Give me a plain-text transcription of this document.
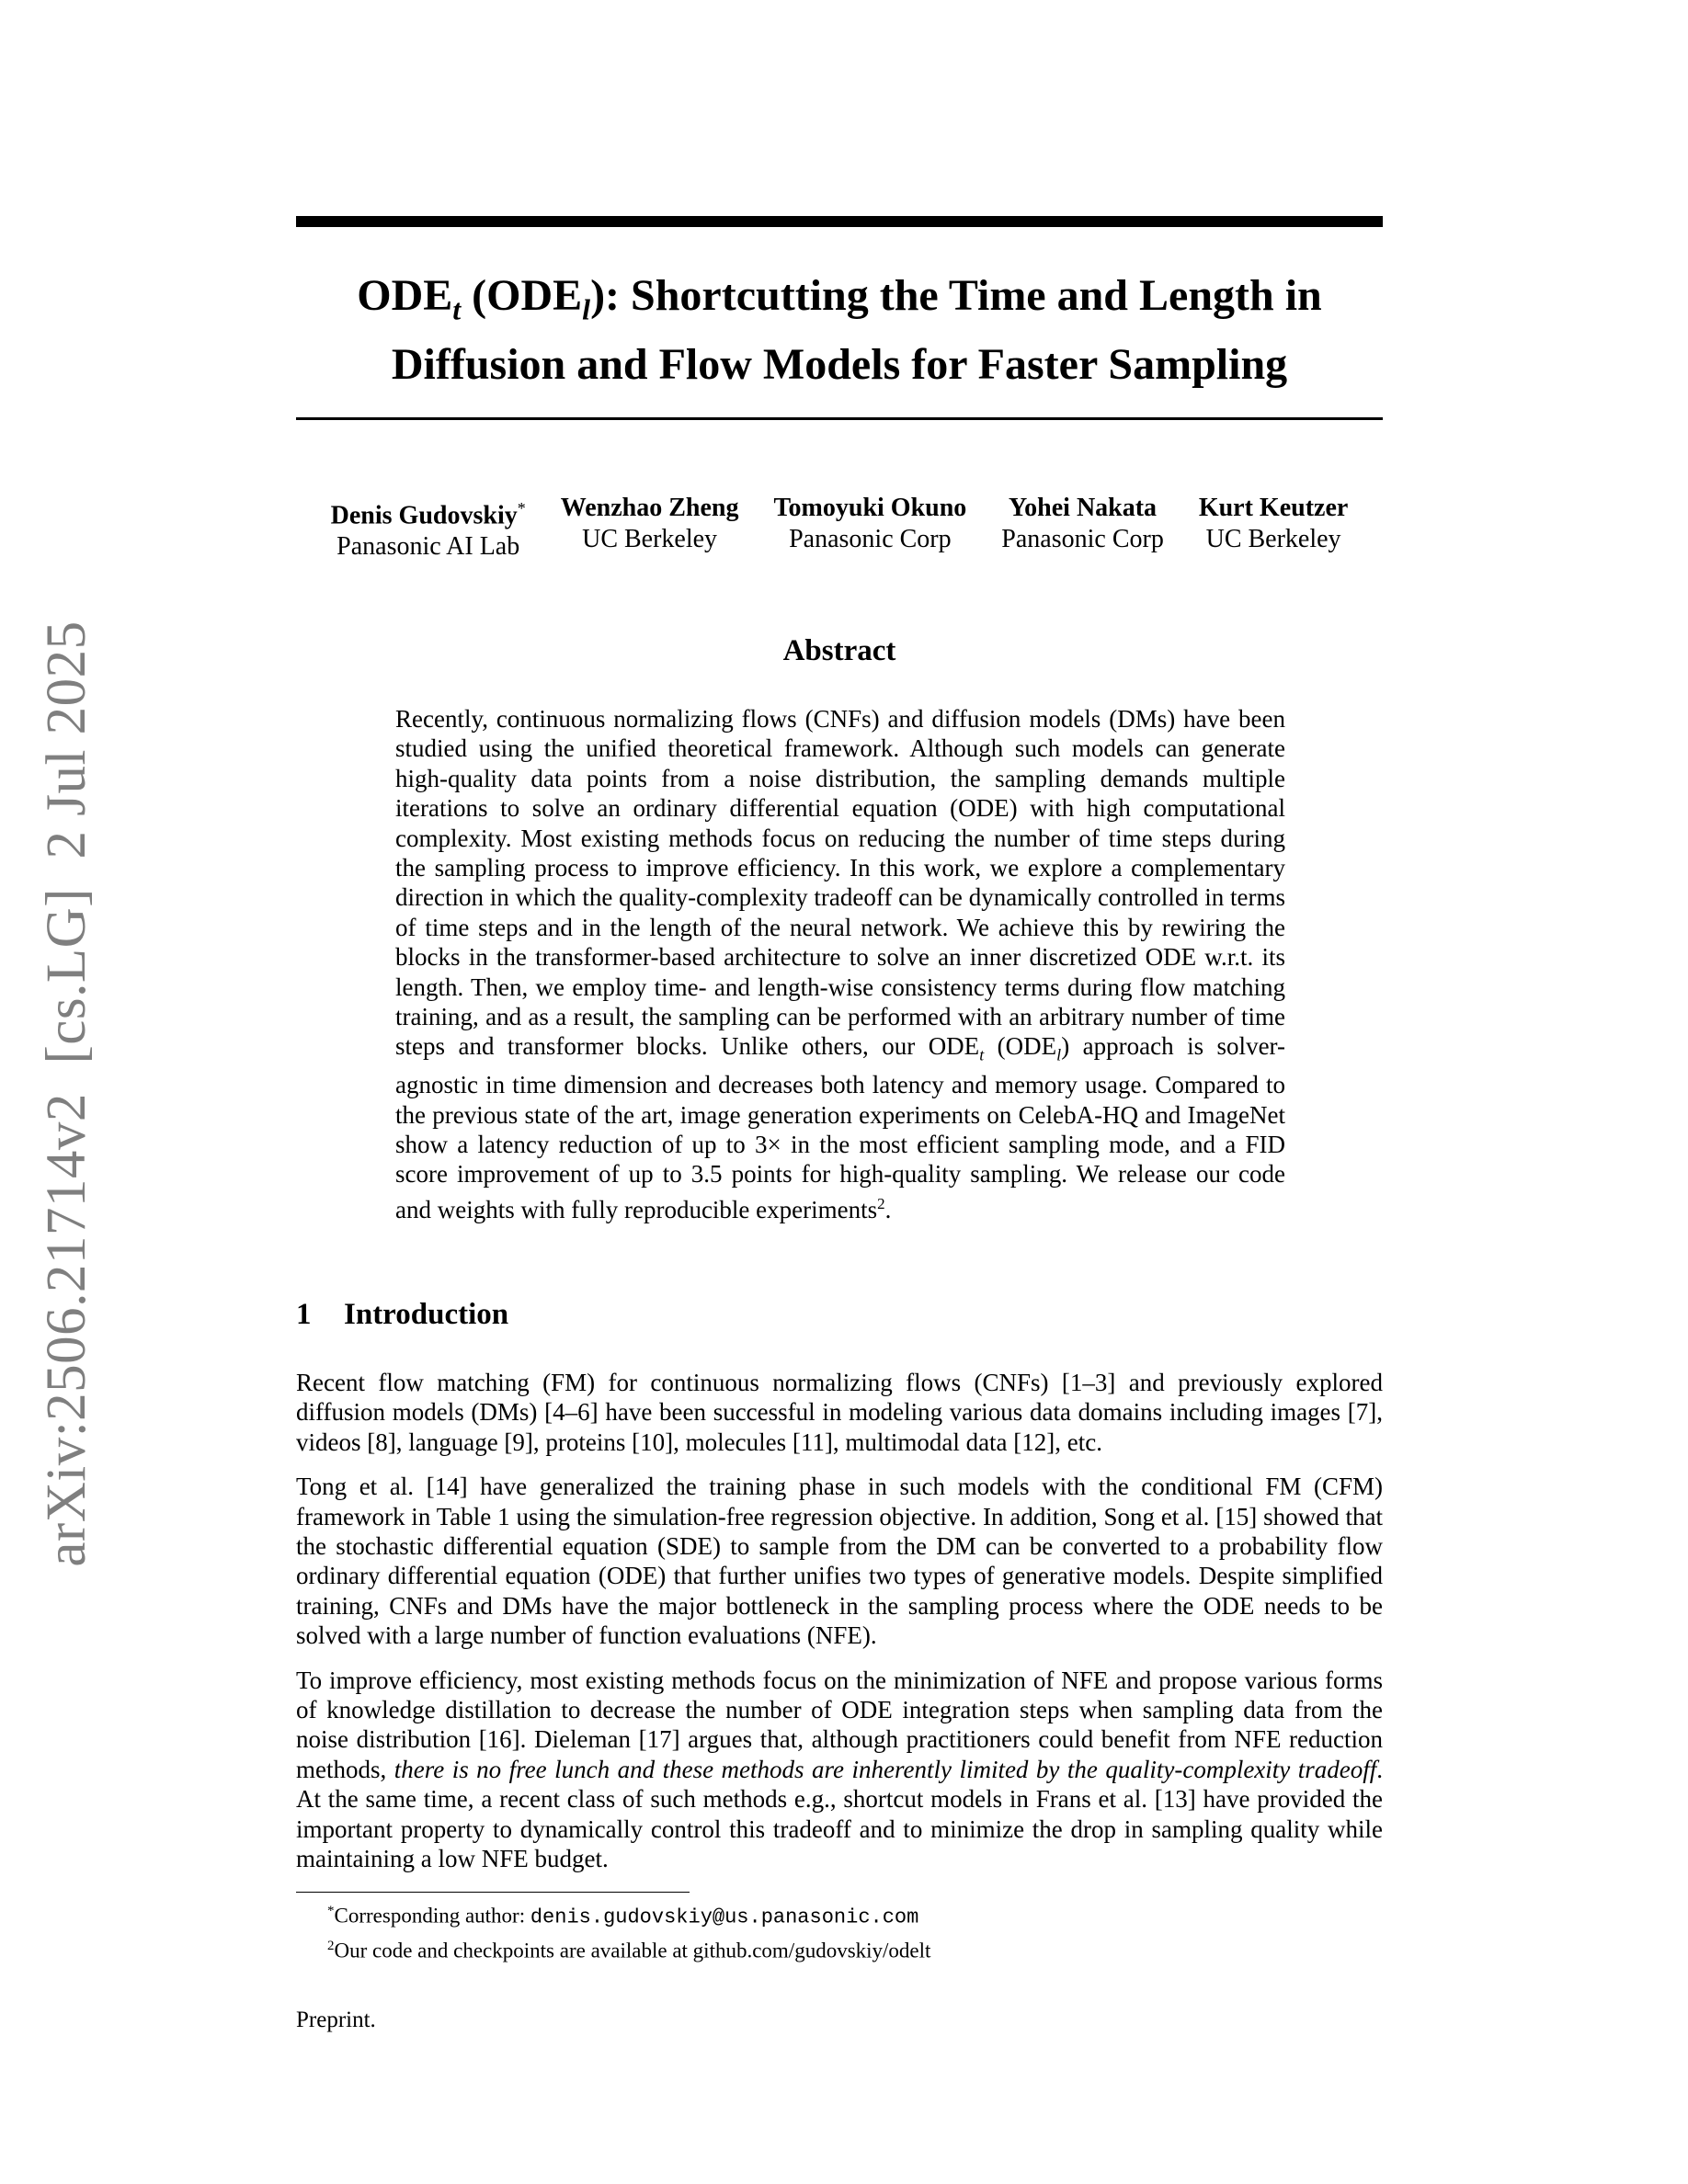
arXiv:2506.21714v2  [cs.LG]  2 Jul 2025
$ODE_t$ $(ODE_l)$: Shortcutting the Time and Length in
Diffusion and Flow Models for Faster Sampling
Denis Gudovskiy*
Panasonic AI Lab
Wenzhao Zheng
UC Berkeley
Tomoyuki Okuno
Panasonic Corp
Yohei Nakata
Panasonic Corp
Kurt Keutzer
UC Berkeley
Abstract
Recently, continuous normalizing flows (CNFs) and diffusion models (DMs) have been studied using the unified theoretical framework. Although such models can generate high-quality data points from a noise distribution, the sampling demands multiple iterations to solve an ordinary differential equation (ODE) with high computational complexity. Most existing methods focus on reducing the number of time steps during the sampling process to improve efficiency. In this work, we explore a complementary direction in which the quality-complexity tradeoff can be dynamically controlled in terms of time steps and in the length of the neural network. We achieve this by rewiring the blocks in the transformer-based architecture to solve an inner discretized ODE w.r.t. its length. Then, we employ time- and length-wise consistency terms during flow matching training, and as a result, the sampling can be performed with an arbitrary number of time steps and transformer blocks. Unlike others, our $ODE_t$ $(ODE_l)$ approach is solver-agnostic in time dimension and decreases both latency and memory usage. Compared to the previous state of the art, image generation experiments on CelebA-HQ and ImageNet show a latency reduction of up to 3× in the most efficient sampling mode, and a FID score improvement of up to 3.5 points for high-quality sampling. We release our code and weights with fully reproducible experiments$^2$.
1 Introduction

Recent flow matching (FM) for continuous normalizing flows (CNFs) [1–3] and previously explored diffusion models (DMs) [4–6] have been successful in modeling various data domains including images [7], videos [8], language [9], proteins [10], molecules [11], multimodal data [12], etc.

Tong et al. [14] have generalized the training phase in such models with the conditional FM (CFM) framework in Table 1 using the simulation-free regression objective. In addition, Song et al. [15] showed that the stochastic differential equation (SDE) to sample from the DM can be converted to a probability flow ordinary differential equation (ODE) that further unifies two types of generative models. Despite simplified training, CNFs and DMs have the major bottleneck in the sampling process where the ODE needs to be solved with a large number of function evaluations (NFE).

To improve efficiency, most existing methods focus on the minimization of NFE and propose various forms of knowledge distillation to decrease the number of ODE integration steps when sampling data from the noise distribution [16]. Dieleman [17] argues that, although practitioners could benefit from NFE reduction methods, there is no free lunch and these methods are inherently limited by the quality-complexity tradeoff. At the same time, a recent class of such methods e.g., shortcut models in Frans et al. [13] have provided the important property to dynamically control this tradeoff and to minimize the drop in sampling quality while maintaining a low NFE budget.

*Corresponding author: denis.gudovskiy@us.panasonic.com
$^2$Our code and checkpoints are available at github.com/gudovskiy/odelt
Preprint.
